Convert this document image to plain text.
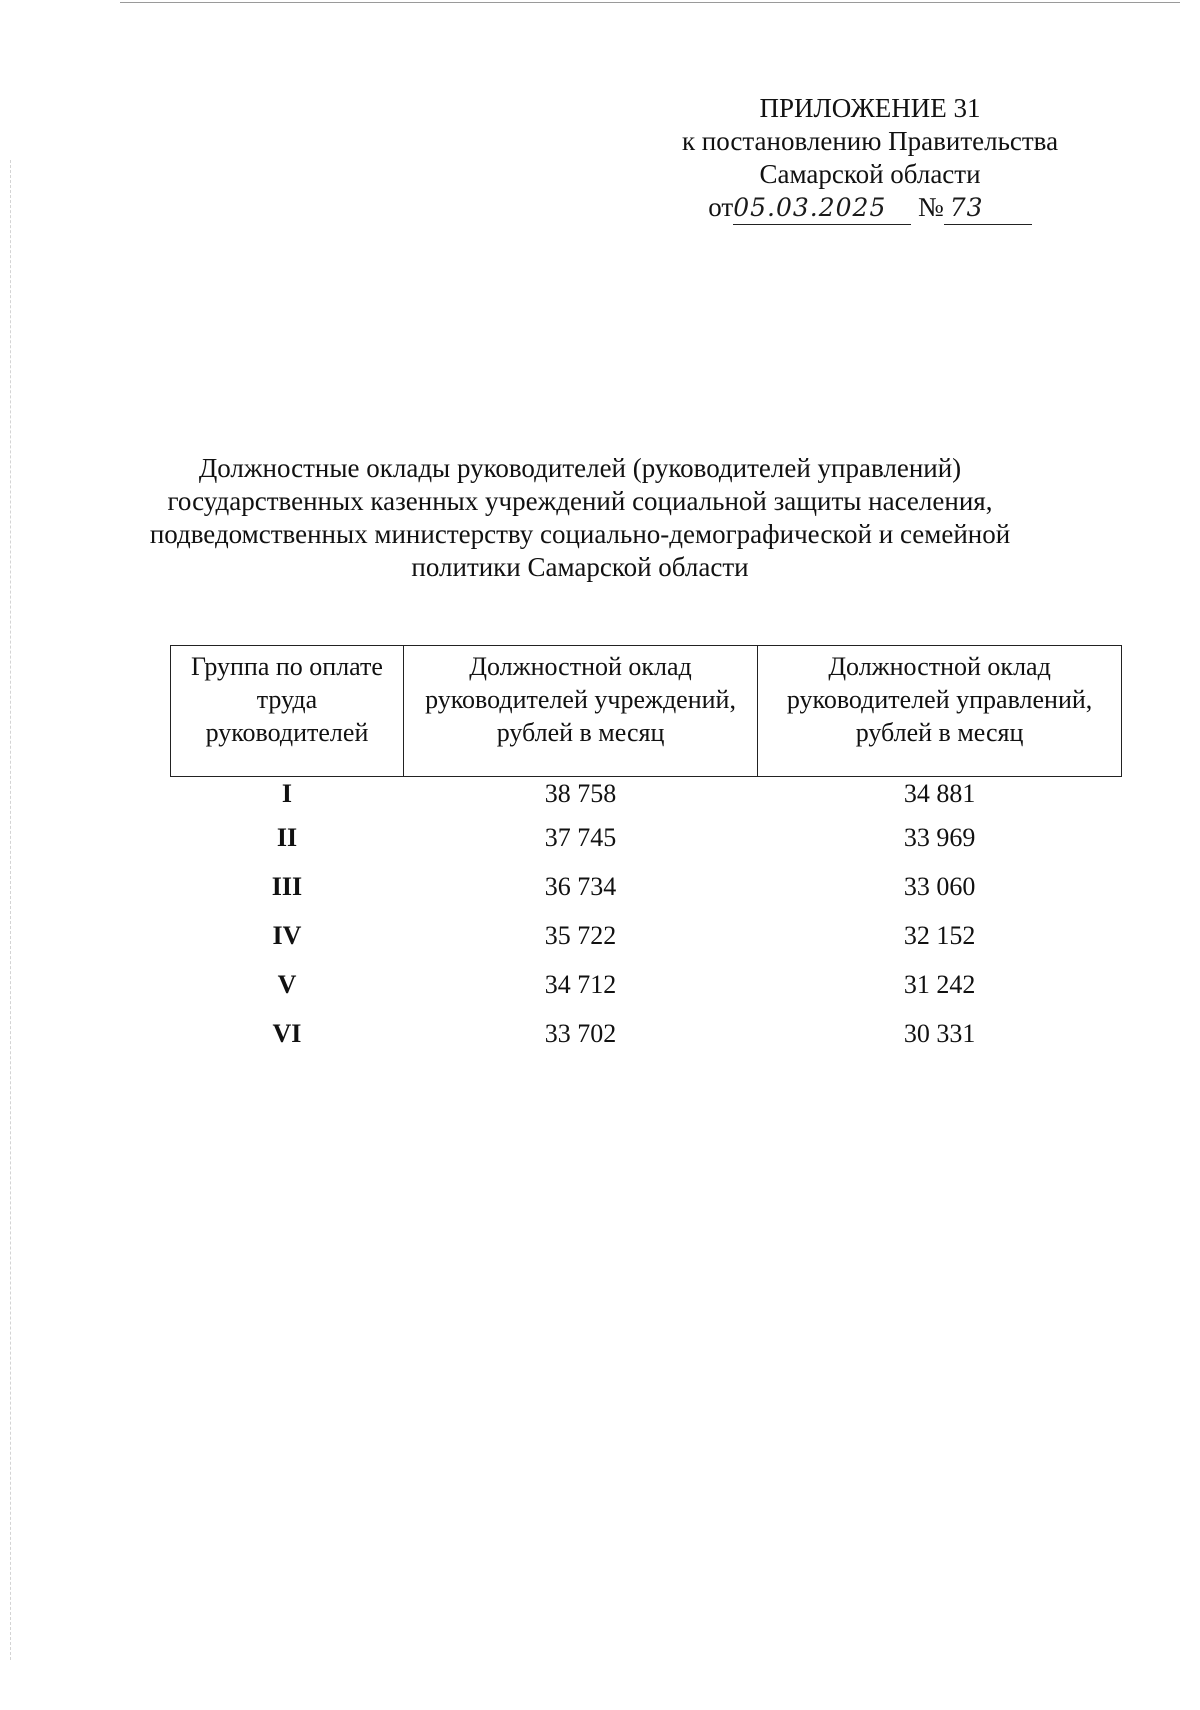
ПРИЛОЖЕНИЕ 31
к постановлению Правительства
Самарской области
от05.03.2025 № 73
Должностные оклады руководителей (руководителей управлений)
государственных казенных учреждений социальной защиты населения,
подведомственных министерству социально-демографической и семейной
политики Самарской области
Группа по оплате труда руководителей	Должностной оклад руководителей учреждений, рублей в месяц	Должностной оклад руководителей управлений, рублей в месяц
I	38 758	34 881
II	37 745	33 969
III	36 734	33 060
IV	35 722	32 152
V	34 712	31 242
VI	33 702	30 331
